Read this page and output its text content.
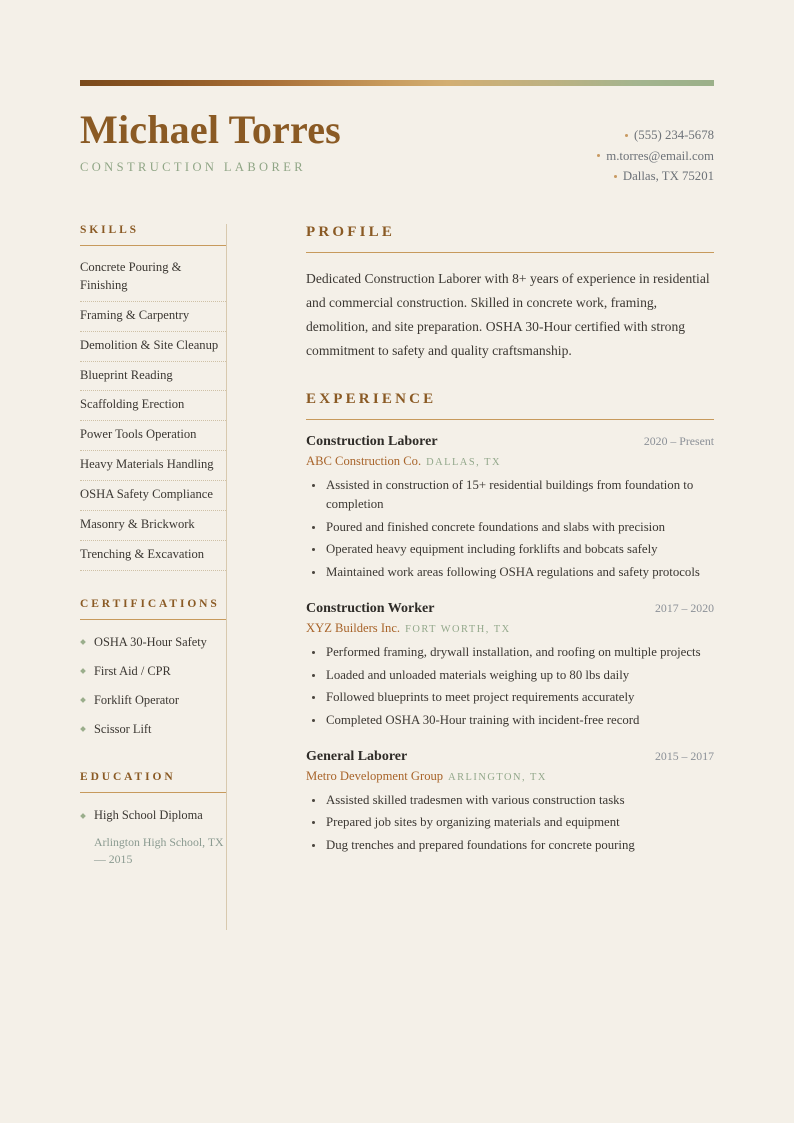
Michael Torres
CONSTRUCTION LABORER
(555) 234-5678
m.torres@email.com
Dallas, TX 75201
SKILLS
Concrete Pouring & Finishing
Framing & Carpentry
Demolition & Site Cleanup
Blueprint Reading
Scaffolding Erection
Power Tools Operation
Heavy Materials Handling
OSHA Safety Compliance
Masonry & Brickwork
Trenching & Excavation
CERTIFICATIONS
OSHA 30-Hour Safety
First Aid / CPR
Forklift Operator
Scissor Lift
EDUCATION
High School Diploma
Arlington High School, TX — 2015
PROFILE

Dedicated Construction Laborer with 8+ years of experience in residential and commercial construction. Skilled in concrete work, framing, demolition, and site preparation. OSHA 30-Hour certified with strong commitment to safety and quality craftsmanship.

EXPERIENCE
Construction Laborer	2020 – Present
ABC Construction Co. DALLAS, TX
Assisted in construction of 15+ residential buildings from foundation to completion
Poured and finished concrete foundations and slabs with precision
Operated heavy equipment including forklifts and bobcats safely
Maintained work areas following OSHA regulations and safety protocols
Construction Worker	2017 – 2020
XYZ Builders Inc. FORT WORTH, TX
Performed framing, drywall installation, and roofing on multiple projects
Loaded and unloaded materials weighing up to 80 lbs daily
Followed blueprints to meet project requirements accurately
Completed OSHA 30-Hour training with incident-free record
General Laborer	2015 – 2017
Metro Development Group ARLINGTON, TX
Assisted skilled tradesmen with various construction tasks
Prepared job sites by organizing materials and equipment
Dug trenches and prepared foundations for concrete pouring
